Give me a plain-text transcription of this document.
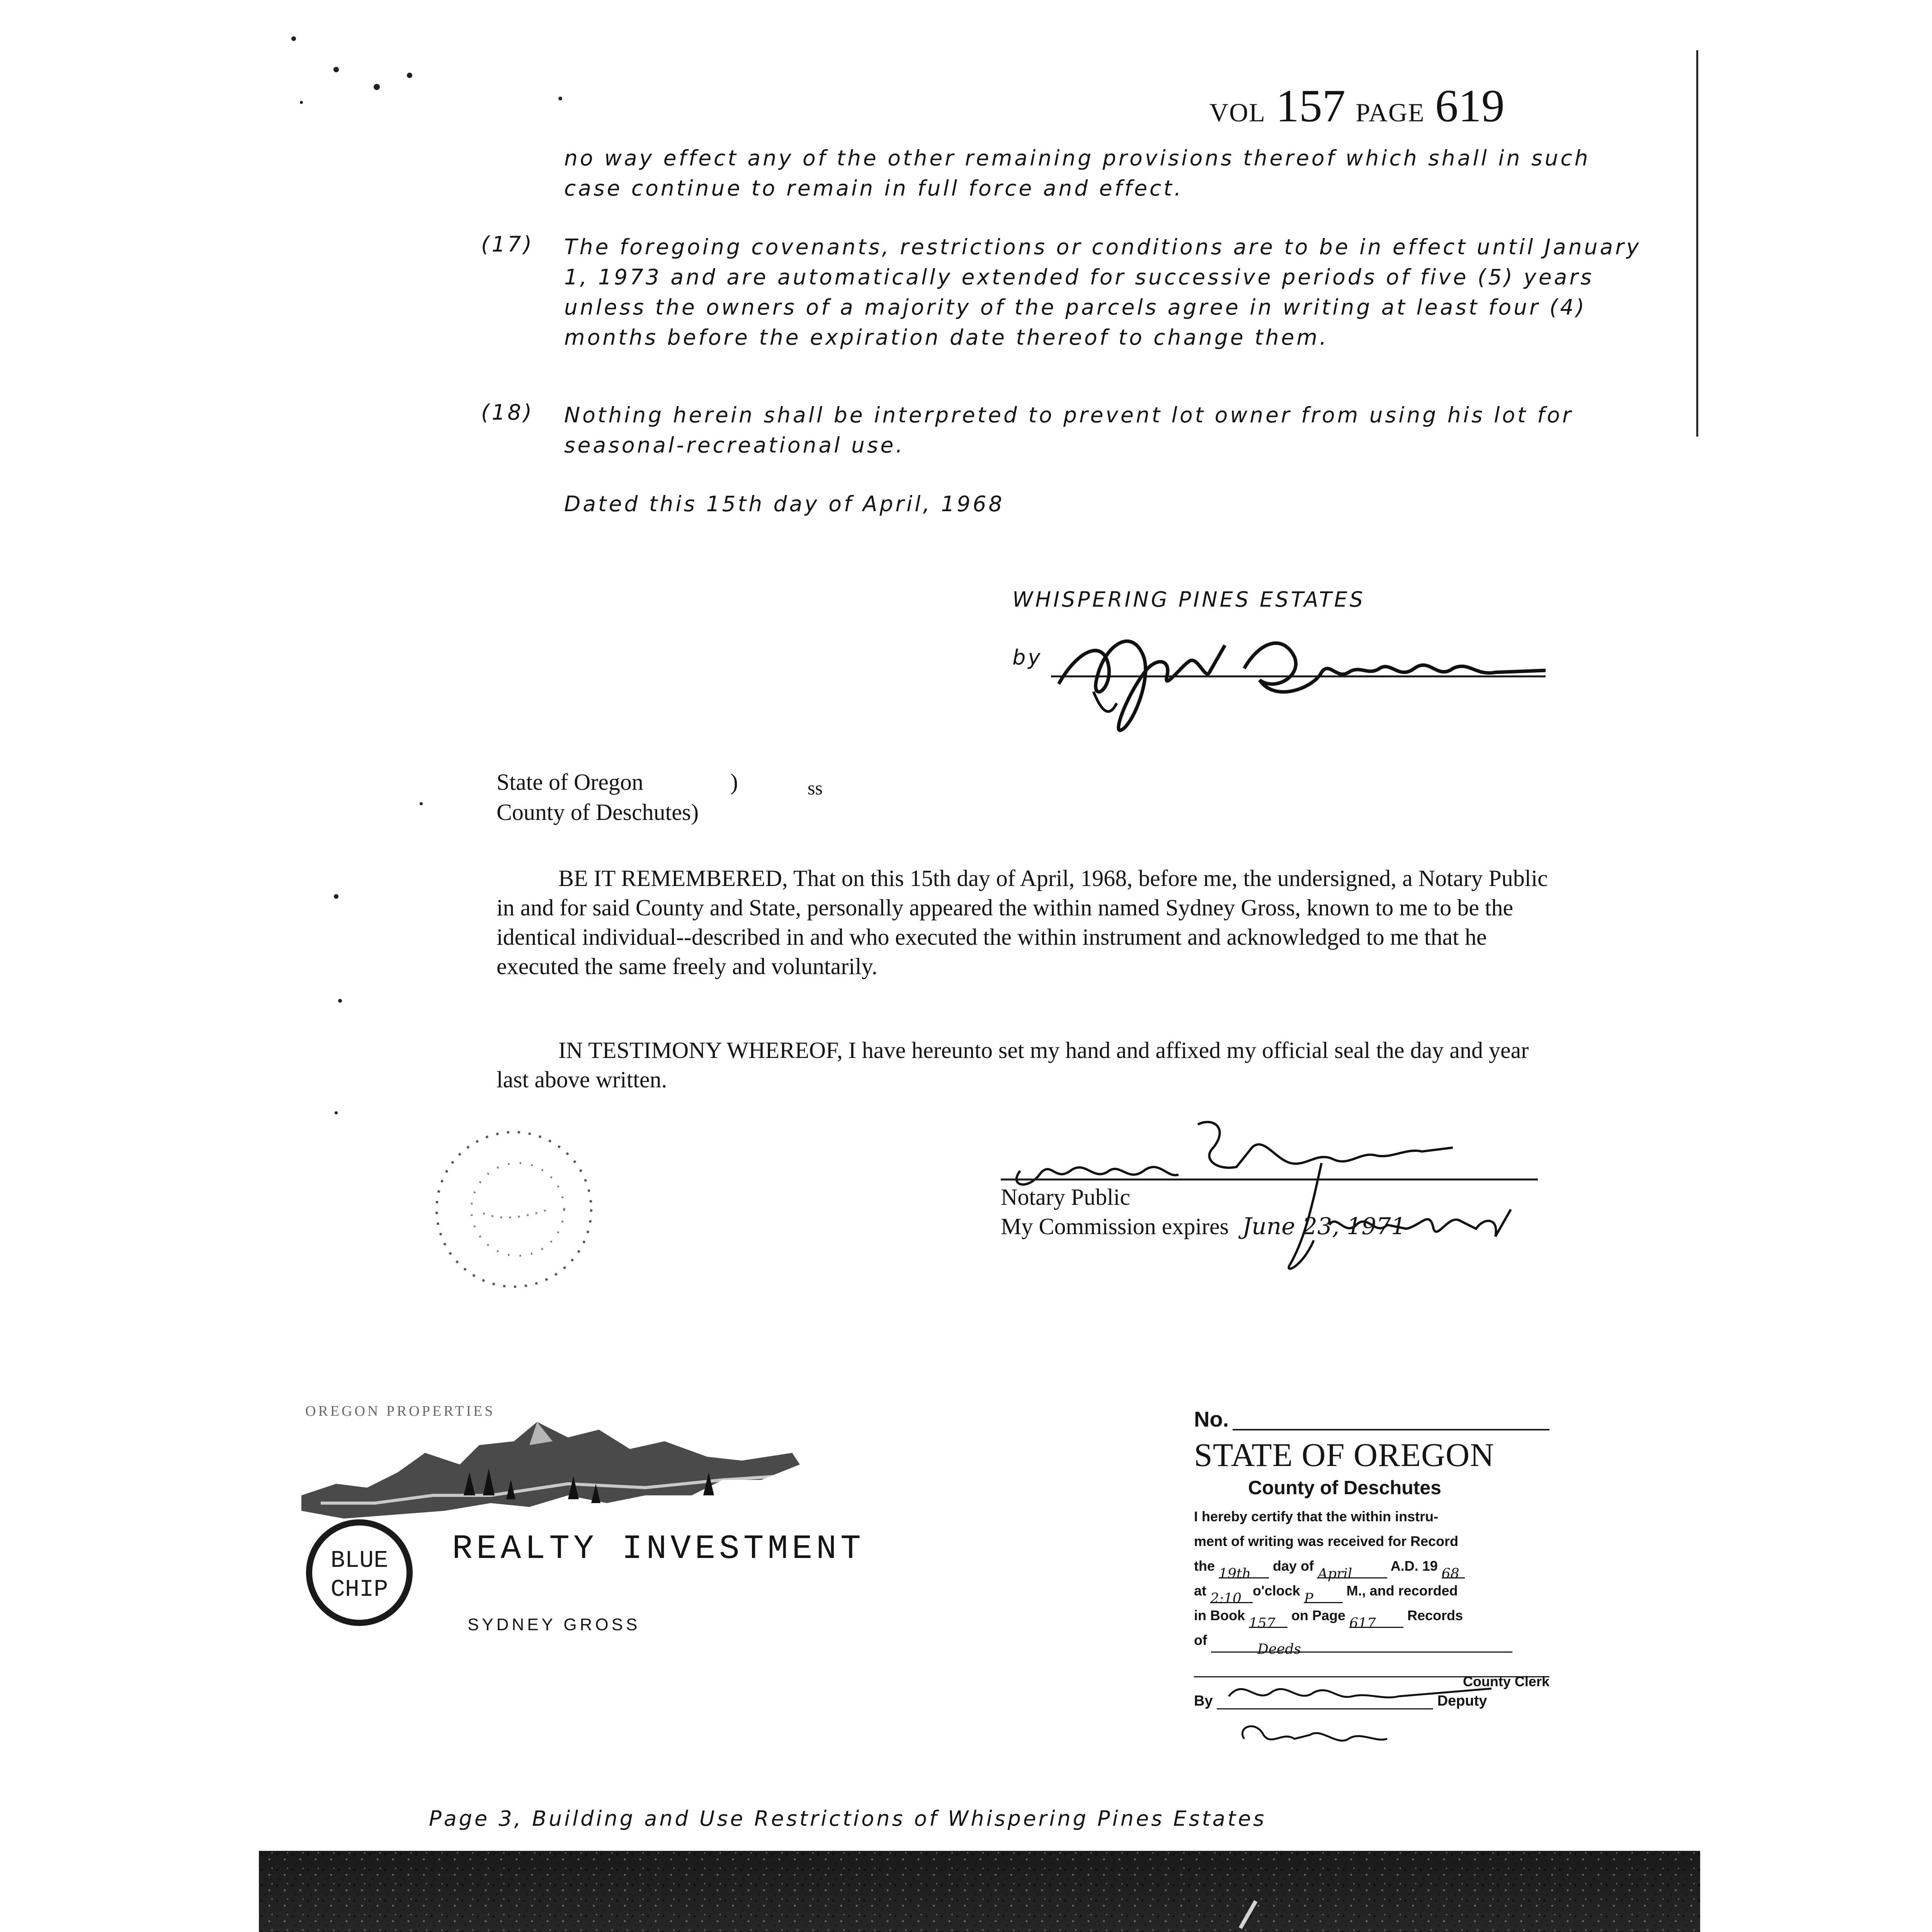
VOL 157 PAGE 619
no way effect any of the other remaining provisions thereof which shall in such case continue to remain in full force and effect.
(17) The foregoing covenants, restrictions or conditions are to be in effect until January 1, 1973 and are automatically extended for successive periods of five (5) years unless the owners of a majority of the parcels agree in writing at least four (4) months before the expiration date thereof to change them.
(18) Nothing herein shall be interpreted to prevent lot owner from using his lot for seasonal-recreational use.
Dated this 15th day of April, 1968
WHISPERING PINES ESTATES
by
State of Oregon	)
County of Deschutes)
ss
BE IT REMEMBERED, That on this 15th day of April, 1968, before me, the undersigned, a Notary Public in and for said County and State, personally appeared the within named Sydney Gross, known to me to be the identical individual--described in and who executed the within instrument and acknowledged to me that he executed the same freely and voluntarily.
IN TESTIMONY WHEREOF, I have hereunto set my hand and affixed my official seal the day and year last above written.
Notary Public
My Commission expires June 23, 1971
OREGON PROPERTIES
BLUE
CHIP
REALTY INVESTMENT
SYDNEY GROSS
No.
STATE OF OREGON
County of Deschutes
I hereby certify that the within instru-
ment of writing was received for Record
the 19th day of April A.D. 19 68
at 2:10o'clock P M., and recorded
in Book 157 on Page 617 Records
of Deeds
County Clerk
By	Deputy
Page 3, Building and Use Restrictions of Whispering Pines Estates
